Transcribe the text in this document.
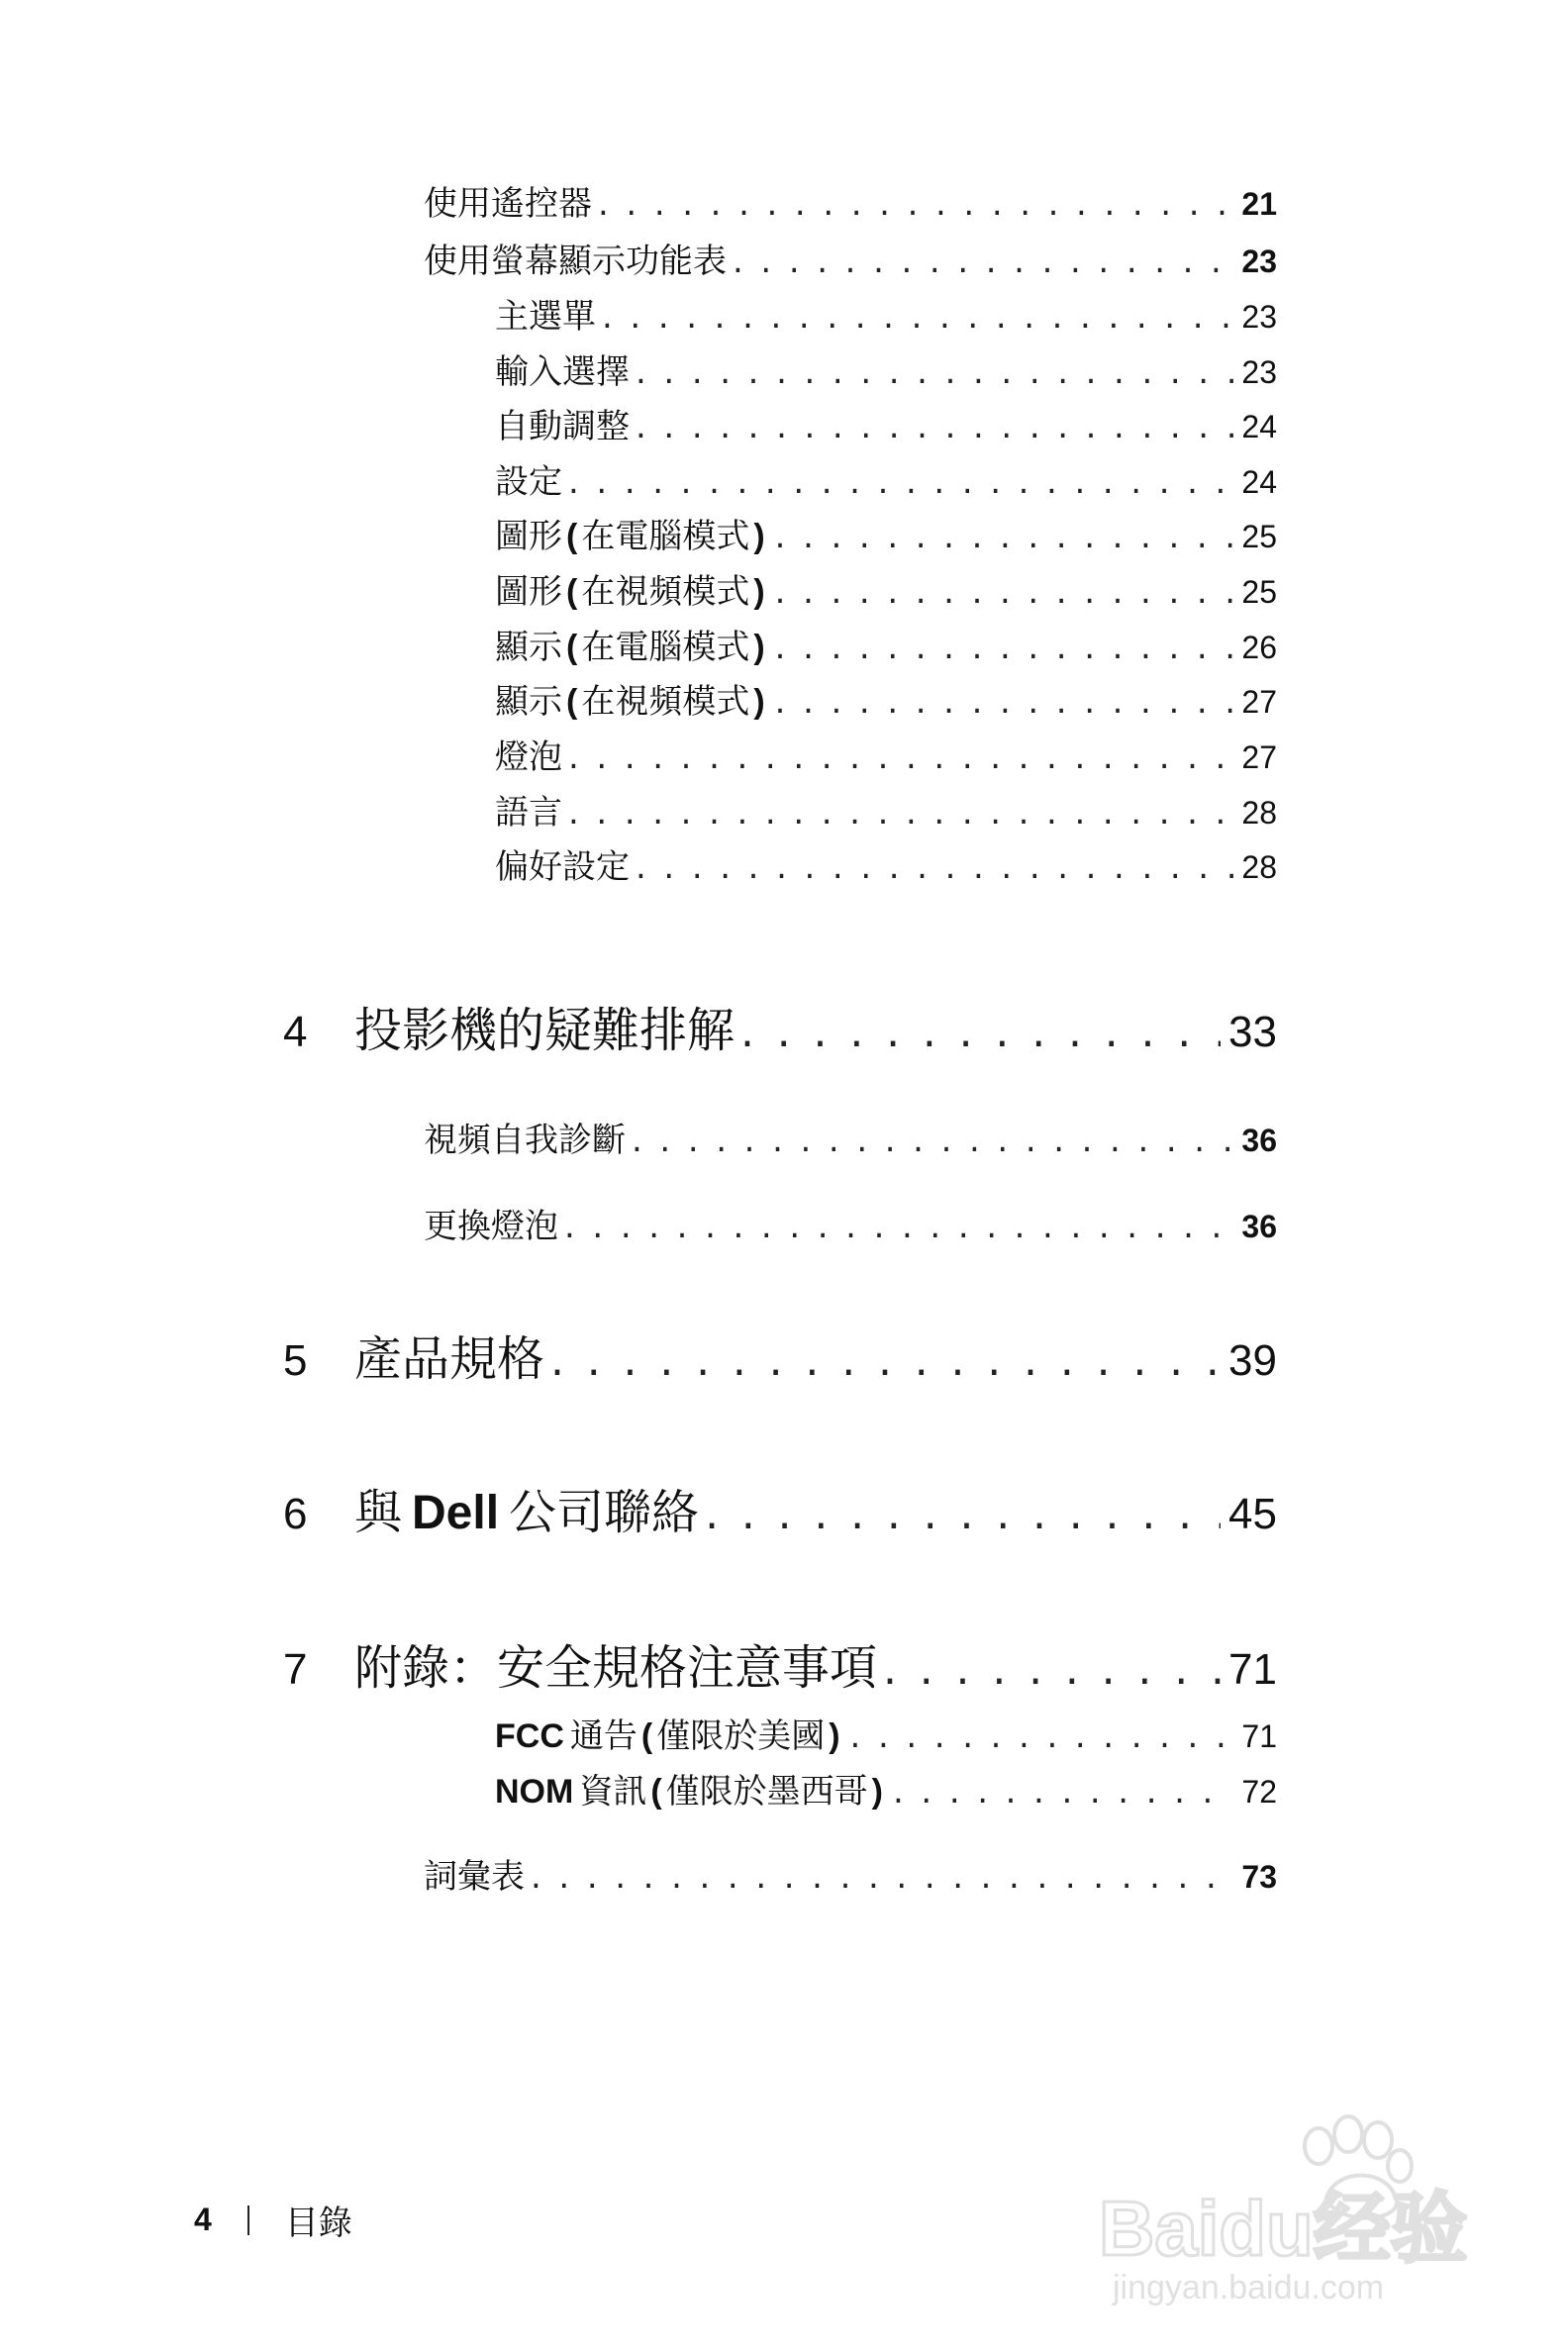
使用遙控器 . . .	21
使用螢幕顯示功能表 . . .	23
主選單 . . .	23
輸入選擇 . . .	23
自動調整 . . .	24
設定 . . .	24
圖形 ( 在電腦模式 ) . . .	25
圖形 ( 在視頻模式 ) . . .	25
顯示 ( 在電腦模式 ) . . .	26
顯示 ( 在視頻模式 ) . . .	27
燈泡 . . .	27
語言 . . .	28
偏好設定 . . .	28
4 投影機的疑難排解 . . .	33
視頻自我診斷 . . .	36
更換燈泡 . . .	36
5 產品規格 . . .	39
6 與 Dell 公司聯絡 . . .	45
7 附錄：安全規格注意事項 . . .	71
FCC 通告 ( 僅限於美國 ) . . .	71
NOM 資訊 ( 僅限於墨西哥 ) . . .	72
詞彙表 . . .	73
4 目錄	Baidu经验
jingyan.baidu.com
